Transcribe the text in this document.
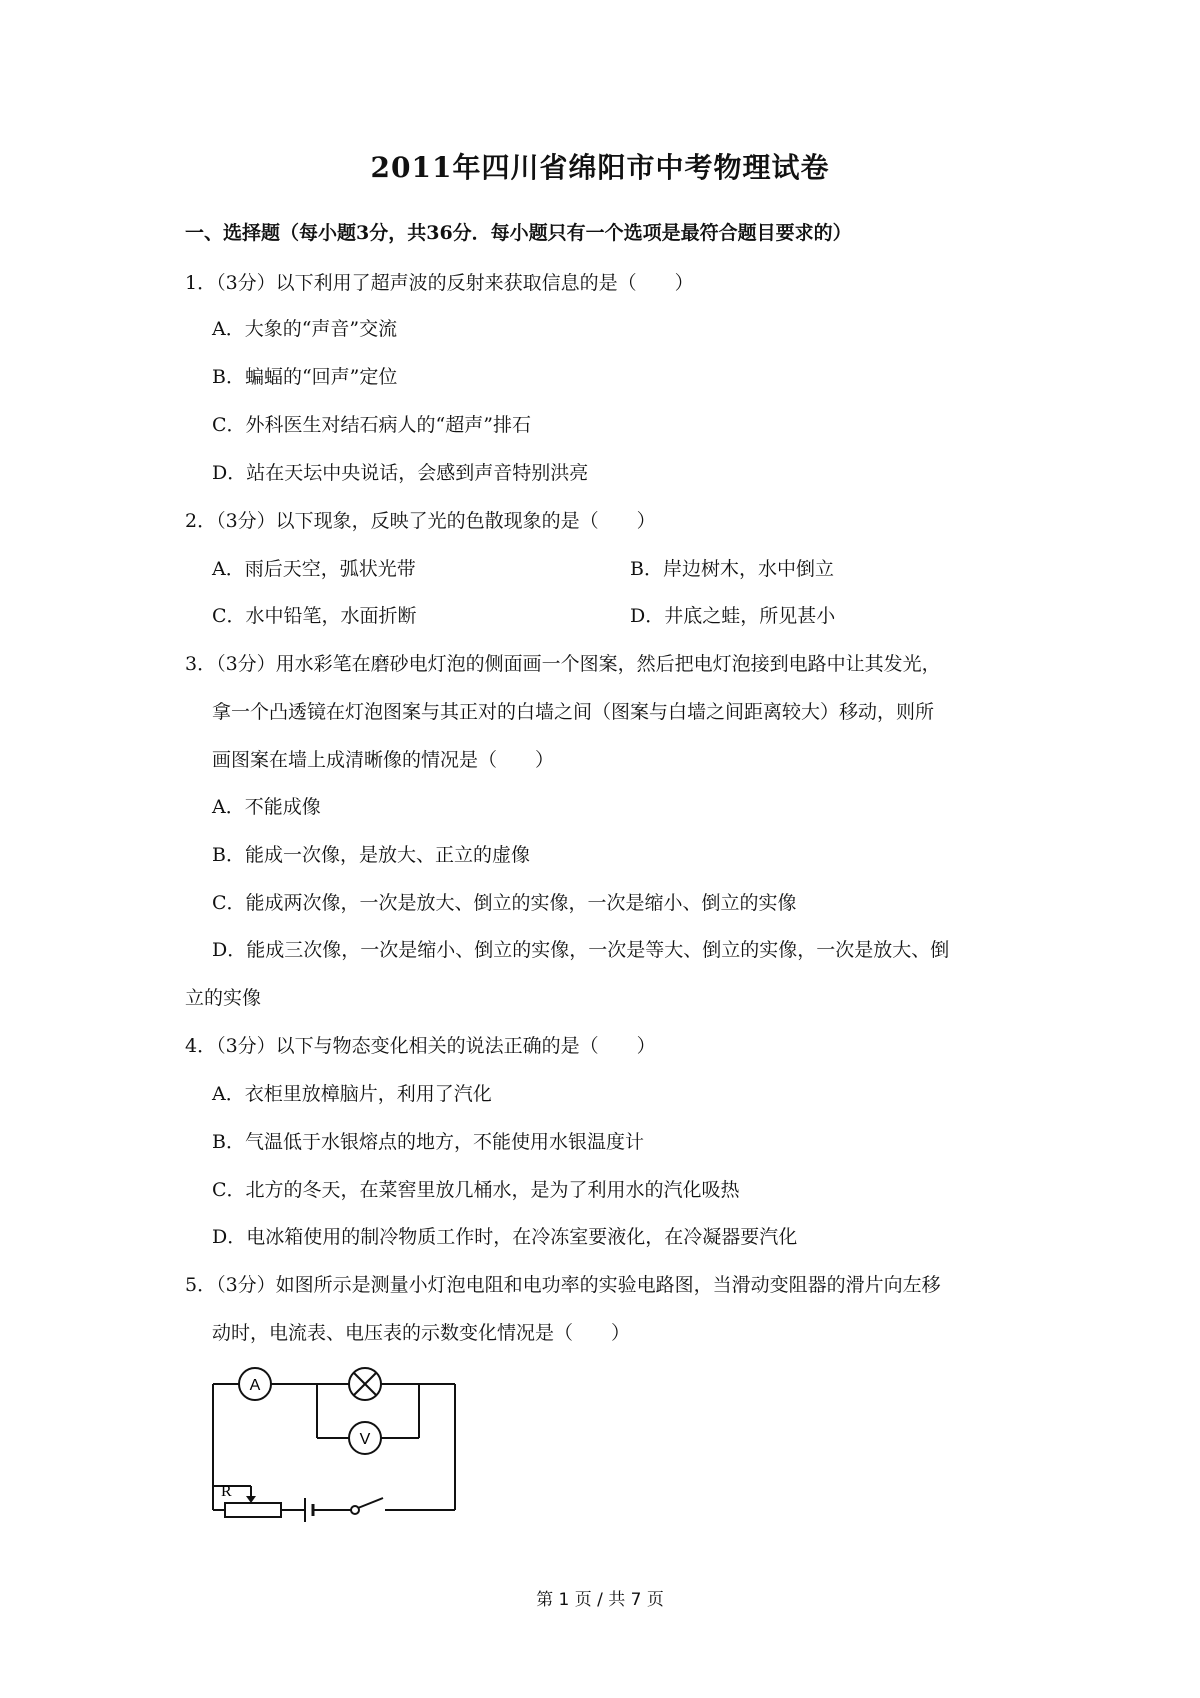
2011年四川省绵阳市中考物理试卷
一、选择题（每小题3分，共36分．每小题只有一个选项是最符合题目要求的）
1．（3分）以下利用了超声波的反射来获取信息的是（　　）
A．大象的“声音”交流
B．蝙蝠的“回声”定位
C．外科医生对结石病人的“超声”排石
D．站在天坛中央说话，会感到声音特别洪亮
2．（3分）以下现象，反映了光的色散现象的是（　　）
A．雨后天空，弧状光带	B．岸边树木，水中倒立
C．水中铅笔，水面折断	D．井底之蛙，所见甚小
3．（3分）用水彩笔在磨砂电灯泡的侧面画一个图案，然后把电灯泡接到电路中让其发光，
拿一个凸透镜在灯泡图案与其正对的白墙之间（图案与白墙之间距离较大）移动，则所
画图案在墙上成清晰像的情况是（　　）
A．不能成像
B．能成一次像，是放大、正立的虚像
C．能成两次像，一次是放大、倒立的实像，一次是缩小、倒立的实像
D．能成三次像，一次是缩小、倒立的实像，一次是等大、倒立的实像，一次是放大、倒
立的实像
4．（3分）以下与物态变化相关的说法正确的是（　　）
A．衣柜里放樟脑片，利用了汽化
B．气温低于水银熔点的地方，不能使用水银温度计
C．北方的冬天，在菜窖里放几桶水，是为了利用水的汽化吸热
D．电冰箱使用的制冷物质工作时，在冷冻室要液化，在冷凝器要汽化
5．（3分）如图所示是测量小灯泡电阻和电功率的实验电路图，当滑动变阻器的滑片向左移
动时，电流表、电压表的示数变化情况是（　　）
A
V
R
第 1 页 / 共 7 页
